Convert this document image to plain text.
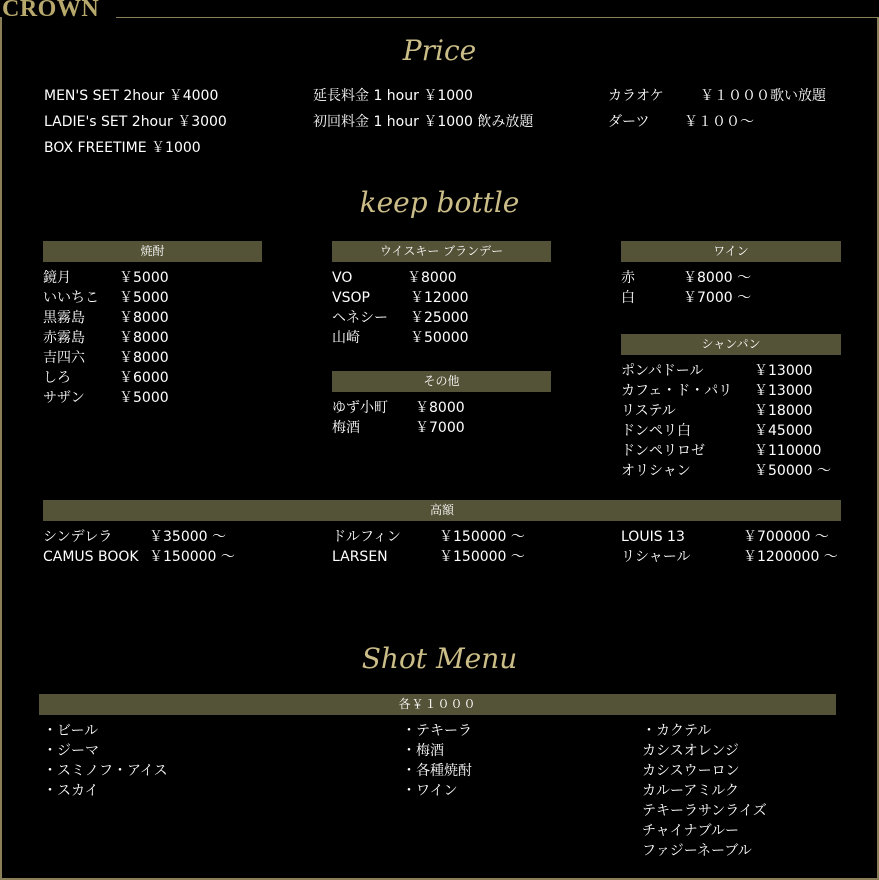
CROWN
Price
MEN'S SET 2hour ￥4000
LADIE's SET 2hour ￥3000
BOX FREETIME ￥1000
延長料金 1 hour ￥1000
初回料金 1 hour ￥1000 飲み放題
カラオケ	￥１０００歌い放題
ダーツ ￥１００～
keep bottle
焼酎	ウイスキー ブランデー	ワイン
鏡月	￥5000
いいちこ ￥5000
黒霧島 ￥8000
赤霧島 ￥8000
吉四六 ￥8000
しろ	￥6000
サザン ￥5000
VO	￥8000
VSOP	￥12000
ヘネシー ￥25000
山崎	￥50000
その他
ゆず小町 ￥8000
梅酒	￥7000
赤	￥8000 ～
白	￥7000 ～
シャンパン
ポンパドール	￥13000
カフェ・ド・パリ ￥13000
リステル	￥18000
ドンペリ白	￥45000
ドンペリロゼ	￥110000
オリシャン	￥50000 ～
高額
シンデレラ	￥35000 ～
CAMUS BOOK ￥150000 ～
ドルフィン	￥150000 ～
LARSEN	￥150000 ～
LOUIS 13	￥700000 ～
リシャール	￥1200000 ～
Shot Menu
各￥１０００
・ビール
・ジーマ
・スミノフ・アイス
・スカイ
・テキーラ
・梅酒
・各種焼酎
・ワイン
・カクテル
カシスオレンジ
カシスウーロン
カルーアミルク
テキーラサンライズ
チャイナブルー
ファジーネーブル
